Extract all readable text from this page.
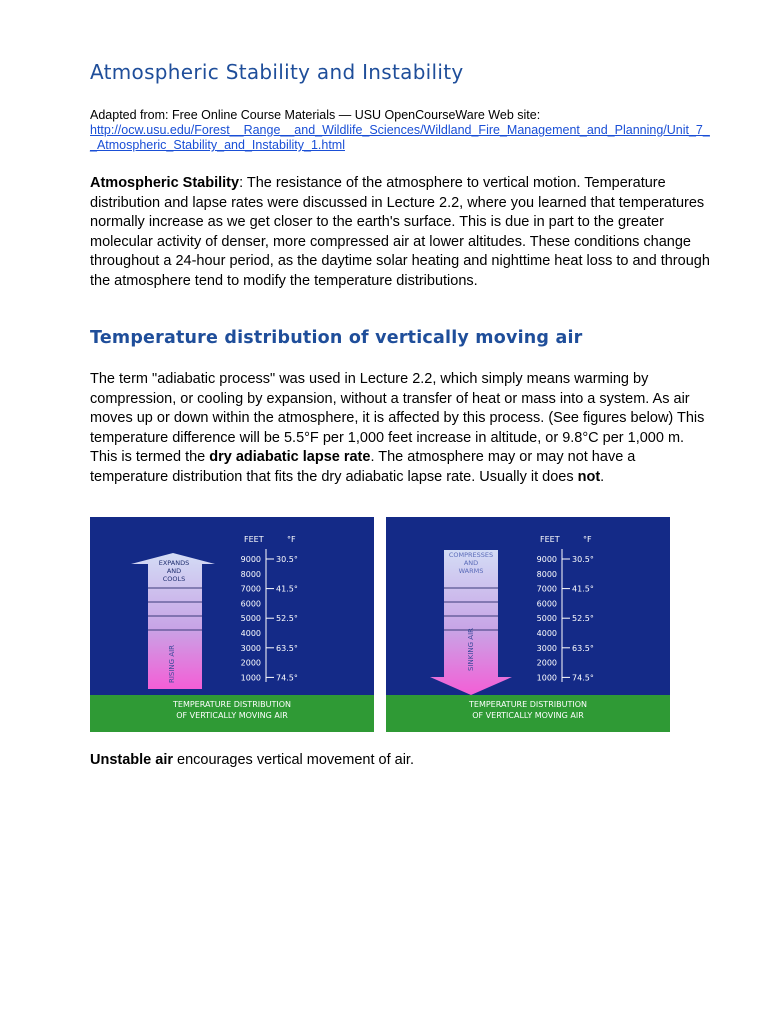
Atmospheric Stability and Instability
Adapted from: Free Online Course Materials — USU OpenCourseWare Web site:
http://ocw.usu.edu/Forest__Range__and_Wildlife_Sciences/Wildland_Fire_Management_and_Planning/Unit_7__Atmospheric_Stability_and_Instability_1.html

Atmospheric Stability: The resistance of the atmosphere to vertical motion. Temperature distribution and lapse rates were discussed in Lecture 2.2, where you learned that temperatures normally increase as we get closer to the earth's surface. This is due in part to the greater molecular activity of denser, more compressed air at lower altitudes. These conditions change throughout a 24-hour period, as the daytime solar heating and nighttime heat loss to and through the atmosphere tend to modify the temperature distributions.

Temperature distribution of vertically moving air

The term "adiabatic process" was used in Lecture 2.2, which simply means warming by compression, or cooling by expansion, without a transfer of heat or mass into a system. As air moves up or down within the atmosphere, it is affected by this process. (See figures below) This temperature difference will be 5.5°F per 1,000 feet increase in altitude, or 9.8°C per 1,000 m. This is termed the dry adiabatic lapse rate. The atmosphere may or may not have a temperature distribution that fits the dry adiabatic lapse rate. Usually it does not.

EXPANDS
AND
COOLS
RISING AIR
FEET	°F
9000
8000
7000
6000
5000
4000
3000
2000
1000
30.5°
41.5°
52.5°
63.5°
74.5°
TEMPERATURE DISTRIBUTION
OF VERTICALLY MOVING AIR
COMPRESSES
AND
WARMS
SINKING AIR
FEET	°F
9000
8000
7000
6000
5000
4000
3000
2000
1000
30.5°
41.5°
52.5°
63.5°
74.5°
TEMPERATURE DISTRIBUTION
OF VERTICALLY MOVING AIR

Unstable air encourages vertical movement of air.
